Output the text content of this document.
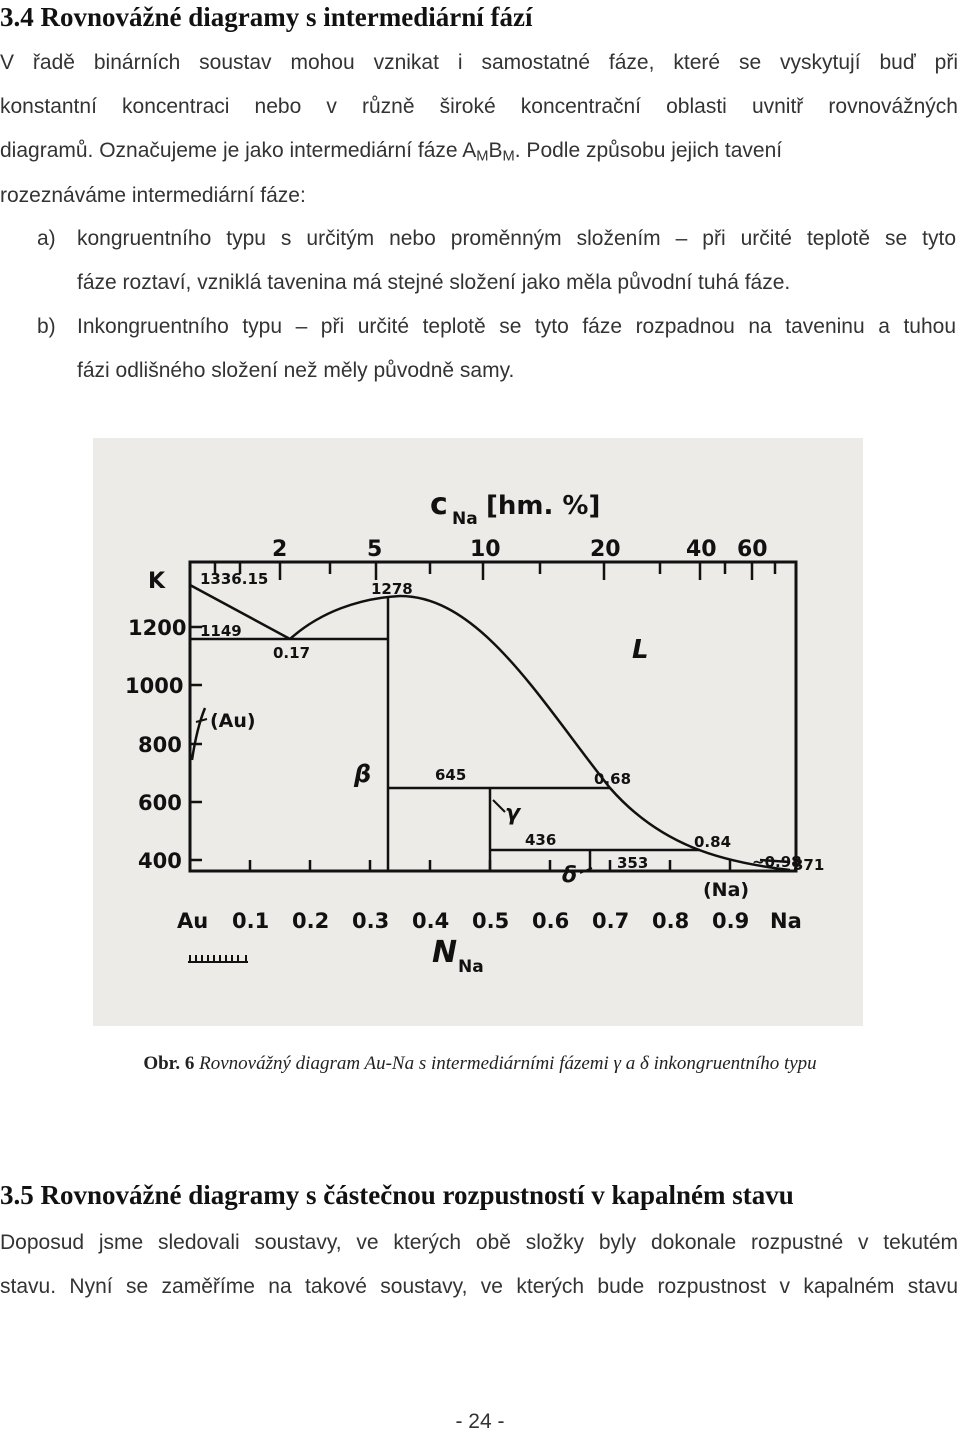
3.4 Rovnovážné diagramy s intermediární fází
V řadě binárních soustav mohou vznikat i samostatné fáze, které se vyskytují buď při
konstantní koncentraci nebo v různě široké koncentrační oblasti uvnitř rovnovážných
diagramů. Označujeme je jako intermediární fáze $A_MB_M$. Podle způsobu jejich tavení
rozeznáváme intermediární fáze:
a) kongruentního typu s určitým nebo proměnným složením – při určité teplotě se tyto
fáze roztaví, vzniklá tavenina má stejné složení jako měla původní tuhá fáze.
b) Inkongruentního typu – při určité teplotě se tyto fáze rozpadnou na taveninu a tuhou
fázi odlišného složení než měly původně samy.
c Na [hm. %]
2	5	10	20	40 60
K
1200
1000
800
600
400
Au 0.1 0.2 0.3 0.4 0.5 0.6 0.7 0.8 0.9 Na
N Na
1336.15
1149
0.17
1278
L
(Au)
β	645	0.68
γ
436	0.84
δ	353	~0.98
371
(Na)
Obr. 6 Rovnovážný diagram Au-Na s intermediárními fázemi γ a δ inkongruentního typu
3.5 Rovnovážné diagramy s částečnou rozpustností v kapalném stavu
Doposud jsme sledovali soustavy, ve kterých obě složky byly dokonale rozpustné v tekutém
stavu. Nyní se zaměříme na takové soustavy, ve kterých bude rozpustnost v kapalném stavu
- 24 -
